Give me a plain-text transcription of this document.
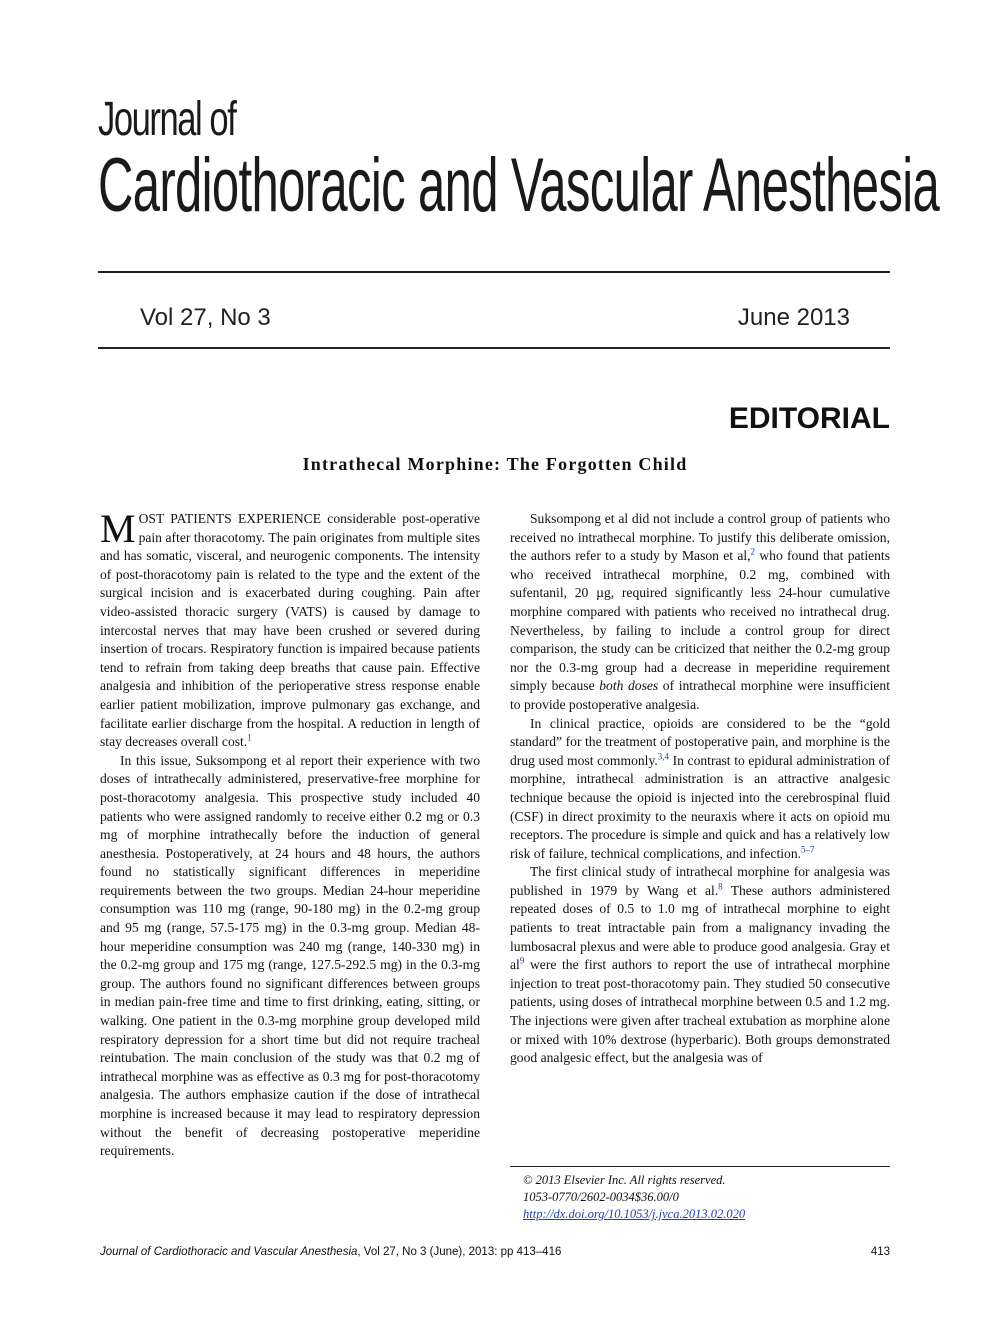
Journal of
Cardiothoracic and Vascular Anesthesia
Vol 27, No 3	June 2013
EDITORIAL
Intrathecal Morphine: The Forgotten Child

MOST PATIENTS EXPERIENCE considerable post-operative pain after thoracotomy. The pain originates from multiple sites and has somatic, visceral, and neurogenic components. The intensity of post-thoracotomy pain is related to the type and the extent of the surgical incision and is exacerbated during coughing. Pain after video-assisted thoracic surgery (VATS) is caused by damage to intercostal nerves that may have been crushed or severed during insertion of trocars. Respiratory function is impaired because patients tend to refrain from taking deep breaths that cause pain. Effective analgesia and inhibition of the perioperative stress response enable earlier patient mobilization, improve pulmonary gas exchange, and facilitate earlier discharge from the hospital. A reduction in length of stay decreases overall cost.$^1$

In this issue, Suksompong et al report their experience with two doses of intrathecally administered, preservative-free morphine for post-thoracotomy analgesia. This prospective study included 40 patients who were assigned randomly to receive either 0.2 mg or 0.3 mg of morphine intrathecally before the induction of general anesthesia. Postoperatively, at 24 hours and 48 hours, the authors found no statistically significant differences in meperidine requirements between the two groups. Median 24-hour meperidine consumption was 110 mg (range, 90-180 mg) in the 0.2-mg group and 95 mg (range, 57.5-175 mg) in the 0.3-mg group. Median 48-hour meperidine consumption was 240 mg (range, 140-330 mg) in the 0.2-mg group and 175 mg (range, 127.5-292.5 mg) in the 0.3-mg group. The authors found no significant differences between groups in median pain-free time and time to first drinking, eating, sitting, or walking. One patient in the 0.3-mg morphine group developed mild respiratory depression for a short time but did not require tracheal reintubation. The main conclusion of the study was that 0.2 mg of intrathecal morphine was as effective as 0.3 mg for post-thoracotomy analgesia. The authors emphasize caution if the dose of intrathecal morphine is increased because it may lead to respiratory depression without the benefit of decreasing postoperative meperidine requirements.

Suksompong et al did not include a control group of patients who received no intrathecal morphine. To justify this deliberate omission, the authors refer to a study by Mason et al,$^2$ who found that patients who received intrathecal morphine, 0.2 mg, combined with sufentanil, 20 µg, required significantly less 24-hour cumulative morphine compared with patients who received no intrathecal drug. Nevertheless, by failing to include a control group for direct comparison, the study can be criticized that neither the 0.2-mg group nor the 0.3-mg group had a decrease in meperidine requirement simply because both doses of intrathecal morphine were insufficient to provide postoperative analgesia.

In clinical practice, opioids are considered to be the “gold standard” for the treatment of postoperative pain, and morphine is the drug used most commonly.$^{3,4}$ In contrast to epidural administration of morphine, intrathecal administration is an attractive analgesic technique because the opioid is injected into the cerebrospinal fluid (CSF) in direct proximity to the neuraxis where it acts on opioid mu receptors. The procedure is simple and quick and has a relatively low risk of failure, technical complications, and infection.$^{5-7}$

The first clinical study of intrathecal morphine for analgesia was published in 1979 by Wang et al.$^8$ These authors administered repeated doses of 0.5 to 1.0 mg of intrathecal morphine to eight patients to treat intractable pain from a malignancy invading the lumbosacral plexus and were able to produce good analgesia. Gray et $al^9$ were the first authors to report the use of intrathecal morphine injection to treat post-thoracotomy pain. They studied 50 consecutive patients, using doses of intrathecal morphine between 0.5 and 1.2 mg. The injections were given after tracheal extubation as morphine alone or mixed with 10% dextrose (hyperbaric). Both groups demonstrated good analgesic effect, but the analgesia was of

© 2013 Elsevier Inc. All rights reserved.
1053-0770/2602-0034$36.00/0
http://dx.doi.org/10.1053/j.jvca.2013.02.020
Journal of Cardiothoracic and Vascular Anesthesia, Vol 27, No 3 (June), 2013: pp 413–416	413
